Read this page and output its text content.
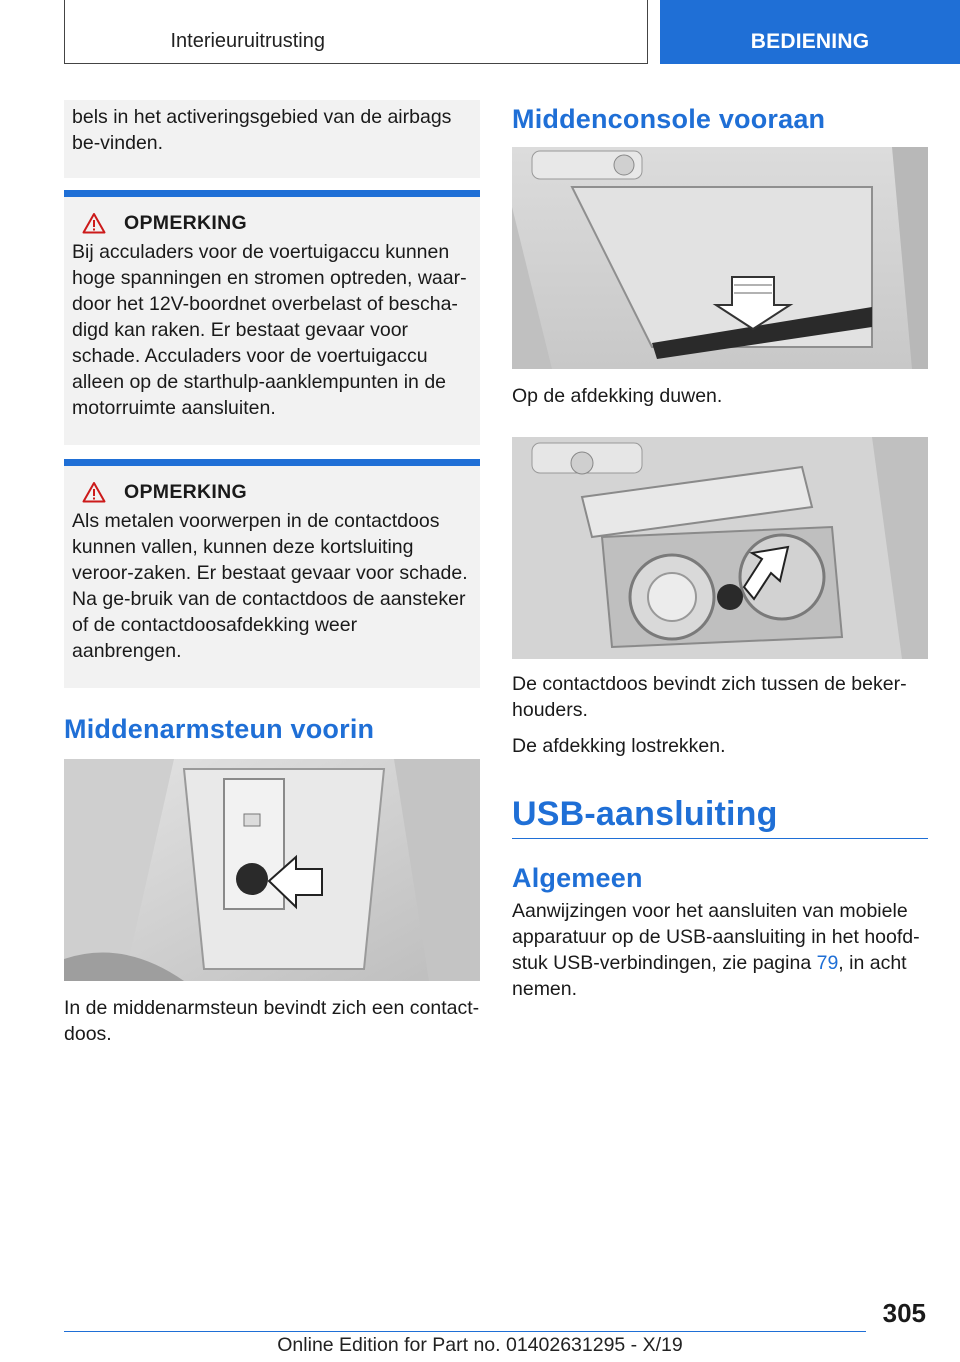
Interieuruitrusting	BEDIENING

bels in het activeringsgebied van de airbags be-vinden.

OPMERKING

Bij acculaders voor de voertuigaccu kunnen hoge spanningen en stromen optreden, waar-door het 12V-boordnet overbelast of bescha-digd kan raken. Er bestaat gevaar voor schade. Acculaders voor de voertuigaccu alleen op de starthulp-aanklempunten in de motorruimte aansluiten.

OPMERKING

Als metalen voorwerpen in de contactdoos kunnen vallen, kunnen deze kortsluiting veroor-zaken. Er bestaat gevaar voor schade. Na ge-bruik van de contactdoos de aansteker of de contactdoosafdekking weer aanbrengen.

Middenarmsteun voorin

In de middenarmsteun bevindt zich een contact-doos.

Middenconsole vooraan

Op de afdekking duwen.

De contactdoos bevindt zich tussen de beker-houders.

De afdekking lostrekken.

USB-aansluiting
Algemeen

Aanwijzingen voor het aansluiten van mobiele apparatuur op de USB-aansluiting in het hoofd-stuk USB-verbindingen, zie pagina 79, in acht nemen.

305
Online Edition for Part no. 01402631295 - X/19
